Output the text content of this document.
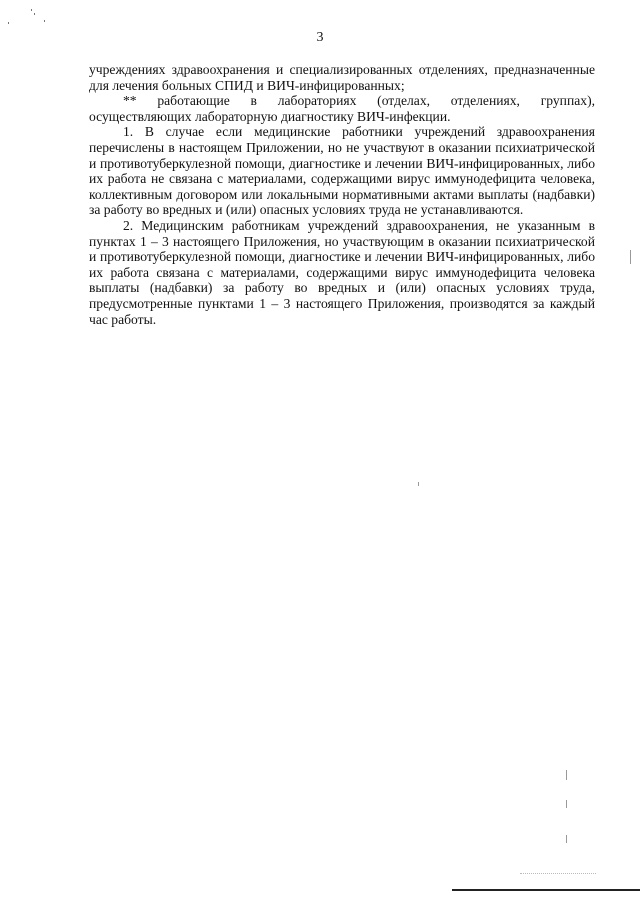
3

учреждениях здравоохранения и специализированных отделениях, предназначенные для лечения больных СПИД и ВИЧ-инфицированных;

** работающие в лабораториях (отделах, отделениях, группах), осуществляющих лабораторную диагностику ВИЧ-инфекции.

1. В случае если медицинские работники учреждений здравоохранения перечислены в настоящем Приложении, но не участвуют в оказании психиатрической и противотуберкулезной помощи, диагностике и лечении ВИЧ-инфицированных, либо их работа не связана с материалами, содержащими вирус иммунодефицита человека, коллективным договором или локальными нормативными актами выплаты (надбавки) за работу во вредных и (или) опасных условиях труда не устанавливаются.

2. Медицинским работникам учреждений здравоохранения, не указанным в пунктах 1 – 3 настоящего Приложения, но участвующим в оказании психиатрической и противотуберкулезной помощи, диагностике и лечении ВИЧ-инфицированных, либо их работа связана с материалами, содержащими вирус иммунодефицита человека выплаты (надбавки) за работу во вредных и (или) опасных условиях труда, предусмотренные пунктами 1 – 3 настоящего Приложения, производятся за каждый час работы.
